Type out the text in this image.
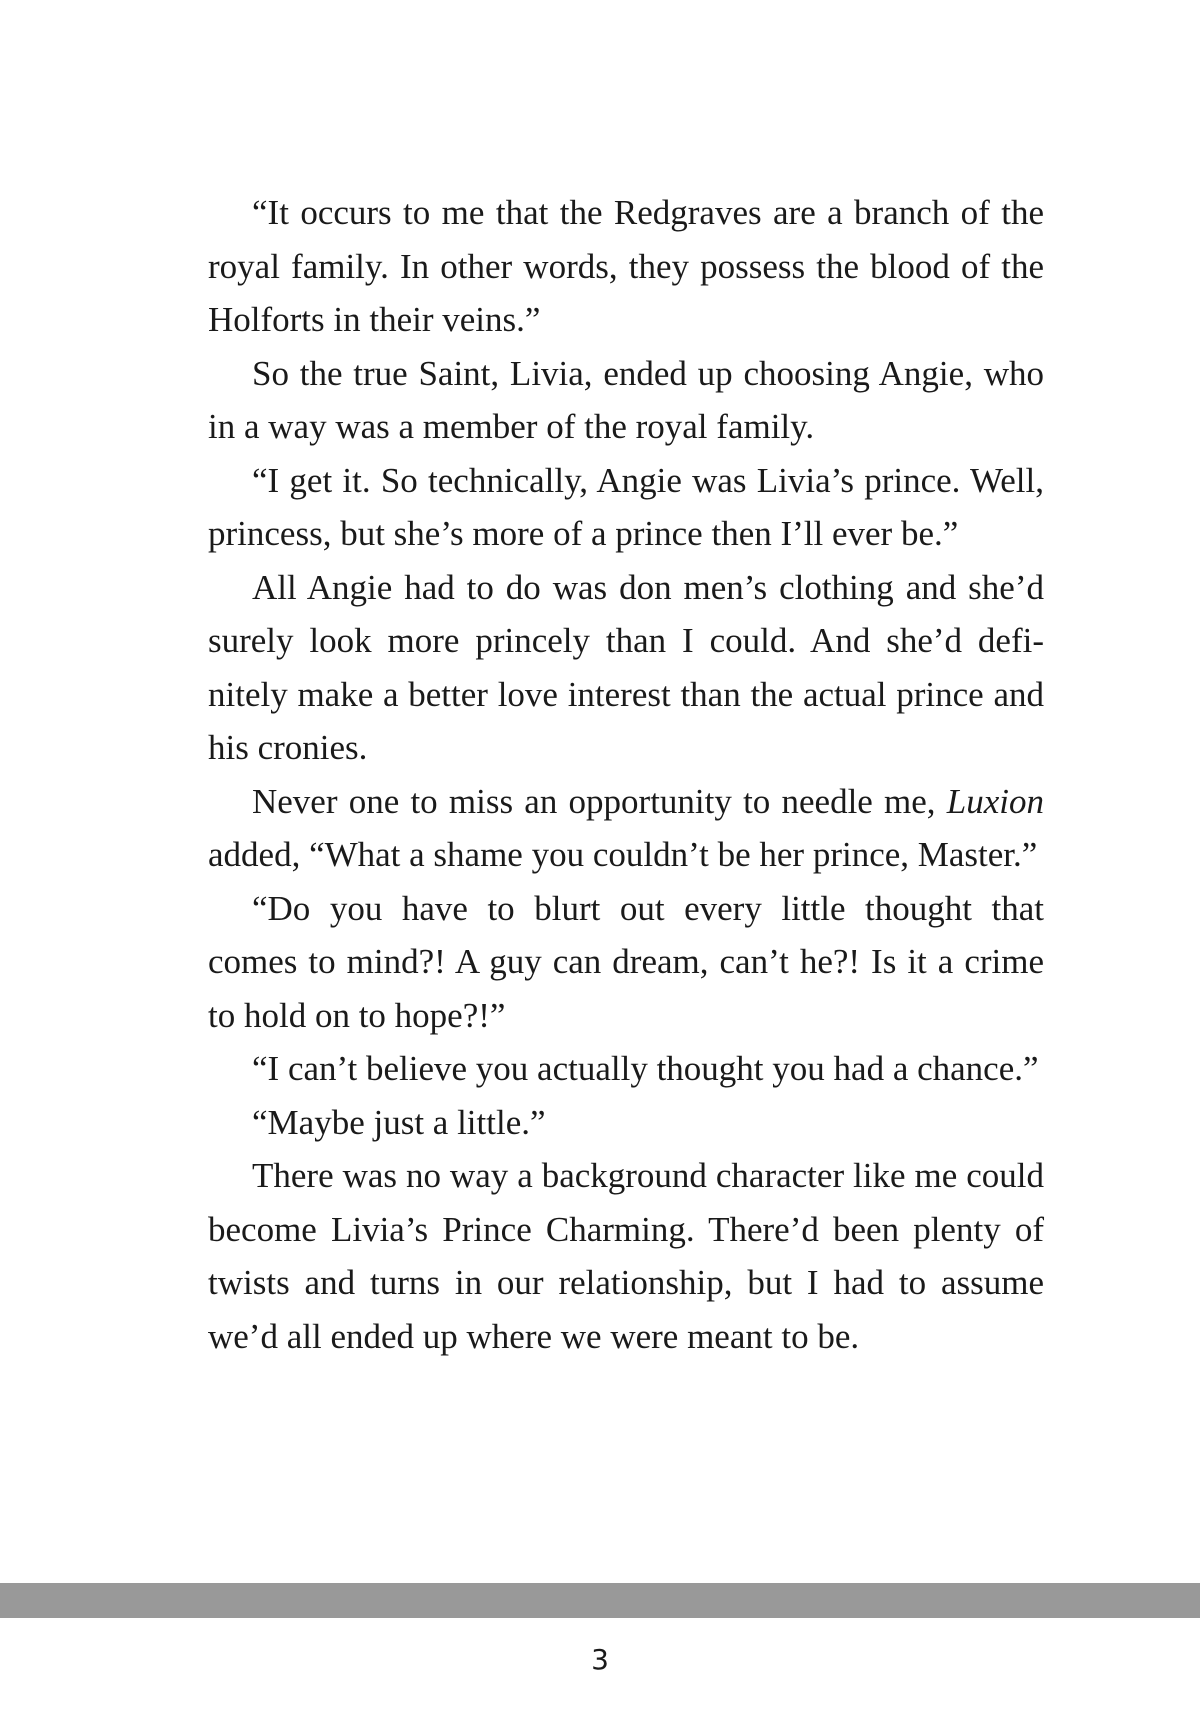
“It occurs to me that the Redgraves are a branch of the royal family. In other words, they possess the blood of the Holforts in their veins.”

So the true Saint, Livia, ended up choosing Angie, who in a way was a member of the royal family.

“I get it. So technically, Angie was Livia’s prince. Well, princess, but she’s more of a prince then I’ll ever be.”

All Angie had to do was don men’s clothing and she’d surely look more princely than I could. And she’d definitely make a better love interest than the actual prince and his cronies.

Never one to miss an opportunity to needle me, Luxion added, “What a shame you couldn’t be her prince, Master.”

“Do you have to blurt out every little thought that comes to mind?! A guy can dream, can’t he?! Is it a crime to hold on to hope?!”

“I can’t believe you actually thought you had a chance.”

“Maybe just a little.”

There was no way a background character like me could become Livia’s Prince Charming. There’d been plenty of twists and turns in our relationship, but I had to assume we’d all ended up where we were meant to be.

3
